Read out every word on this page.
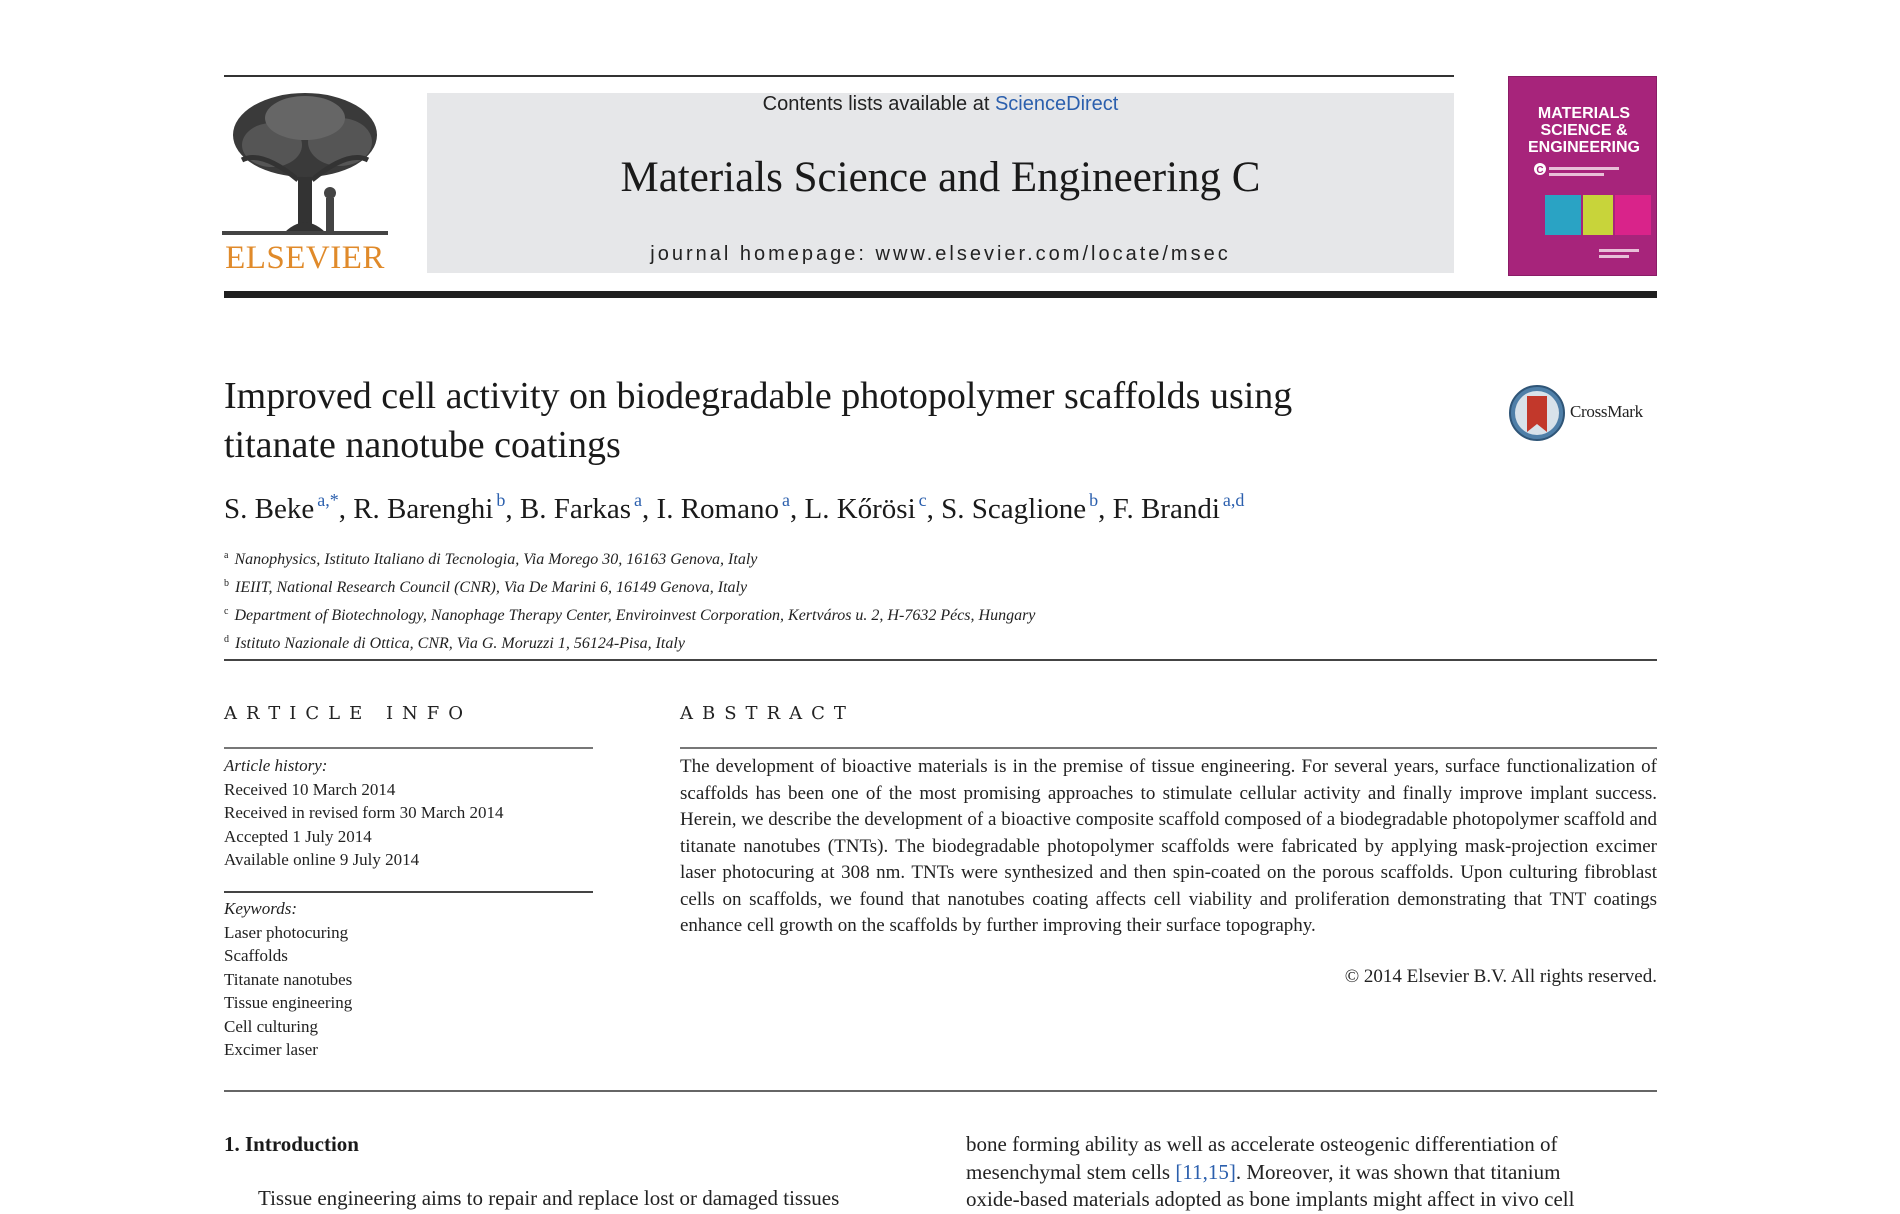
ELSEVIER
Contents lists available at ScienceDirect
Materials Science and Engineering C
journal homepage: www.elsevier.com/locate/msec
MATERIALS SCIENCE & ENGINEERING
C
Improved cell activity on biodegradable photopolymer scaffolds using titanate nanotube coatings
CrossMark
S. Beke $^{a,*}$, R. Barenghi $^b$, B. Farkas $^a$, I. Romano $^a$, L. Kőrösi $^c$, S. Scaglione $^b$, F. Brandi $^{a,d}$
$^a$ Nanophysics, Istituto Italiano di Tecnologia, Via Morego 30, 16163 Genova, Italy
$^b$ IEIIT, National Research Council (CNR), Via De Marini 6, 16149 Genova, Italy
$^c$ Department of Biotechnology, Nanophage Therapy Center, Enviroinvest Corporation, Kertváros u. 2, H-7632 Pécs, Hungary
$^d$ Istituto Nazionale di Ottica, CNR, Via G. Moruzzi 1, 56124-Pisa, Italy
ARTICLE INFO	ABSTRACT
Article history:
Received 10 March 2014
Received in revised form 30 March 2014
Accepted 1 July 2014
Available online 9 July 2014
Keywords:
Laser photocuring
Scaffolds
Titanate nanotubes
Tissue engineering
Cell culturing
Excimer laser
The development of bioactive materials is in the premise of tissue engineering. For several years, surface functionalization of scaffolds has been one of the most promising approaches to stimulate cellular activity and finally improve implant success. Herein, we describe the development of a bioactive composite scaffold composed of a biodegradable photopolymer scaffold and titanate nanotubes (TNTs). The biodegradable photopolymer scaffolds were fabricated by applying mask-projection excimer laser photocuring at 308 nm. TNTs were synthesized and then spin-coated on the porous scaffolds. Upon culturing fibroblast cells on scaffolds, we found that nanotubes coating affects cell viability and proliferation demonstrating that TNT coatings enhance cell growth on the scaffolds by further improving their surface topography.
© 2014 Elsevier B.V. All rights reserved.
1. Introduction
Tissue engineering aims to repair and replace lost or damaged tissues
bone forming ability as well as accelerate osteogenic differentiation of
mesenchymal stem cells [11,15]. Moreover, it was shown that titanium
oxide-based materials adopted as bone implants might affect in vivo cell
